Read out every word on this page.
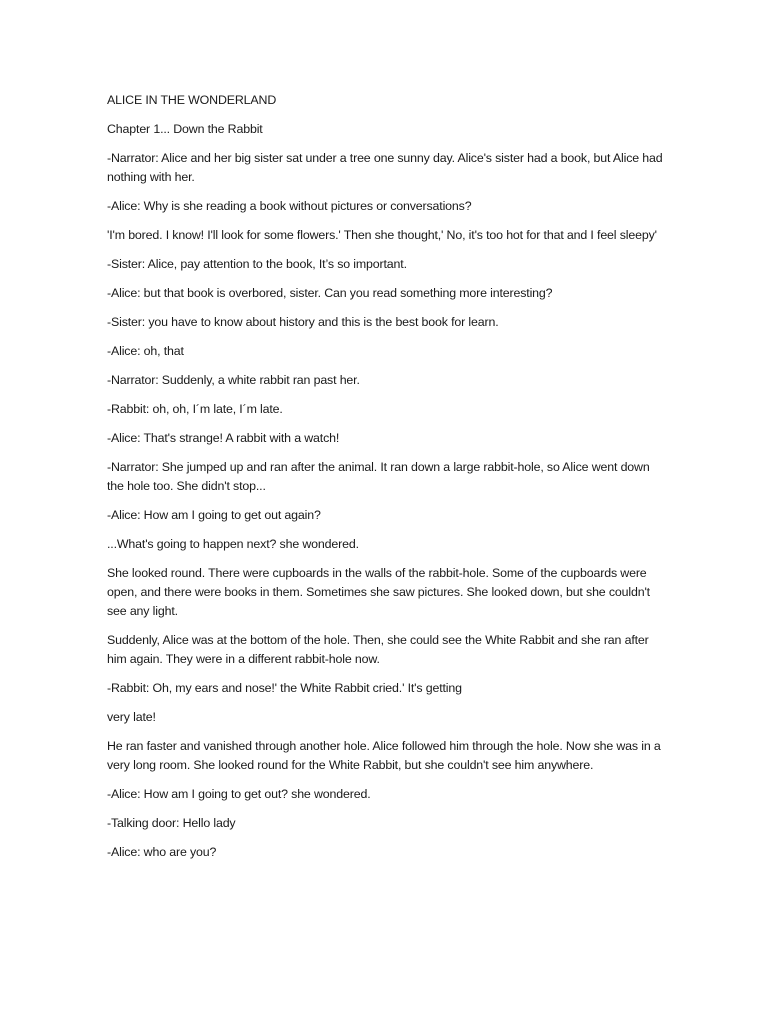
ALICE IN THE WONDERLAND

Chapter 1... Down the Rabbit

-Narrator: Alice and her big sister sat under a tree one sunny day. Alice's sister had a book, but Alice had nothing with her.

-Alice: Why is she reading a book without pictures or conversations?

'I'm bored. I know! I'll look for some flowers.' Then she thought,' No, it's too hot for that and I feel sleepy'

-Sister: Alice, pay attention to the book, It’s so important.

-Alice: but that book is overbored, sister. Can you read something more interesting?

-Sister: you have to know about history and this is the best book for learn.

-Alice: oh, that

-Narrator: Suddenly, a white rabbit ran past her.

-Rabbit: oh, oh, I´m late, I´m late.

-Alice: That's strange! A rabbit with a watch!

-Narrator: She jumped up and ran after the animal. It ran down a large rabbit-hole, so Alice went down the hole too. She didn't stop...

-Alice: How am I going to get out again?

...What's going to happen next? she wondered.

She looked round. There were cupboards in the walls of the rabbit-hole. Some of the cupboards were open, and there were books in them. Sometimes she saw pictures. She looked down, but she couldn't see any light.

Suddenly, Alice was at the bottom of the hole. Then, she could see the White Rabbit and she ran after him again. They were in a different rabbit-hole now.

-Rabbit: Oh, my ears and nose!' the White Rabbit cried.' It's getting

very late!

He ran faster and vanished through another hole. Alice followed him through the hole. Now she was in a very long room. She looked round for the White Rabbit, but she couldn't see him anywhere.

-Alice: How am I going to get out? she wondered.

-Talking door: Hello lady

-Alice: who are you?
